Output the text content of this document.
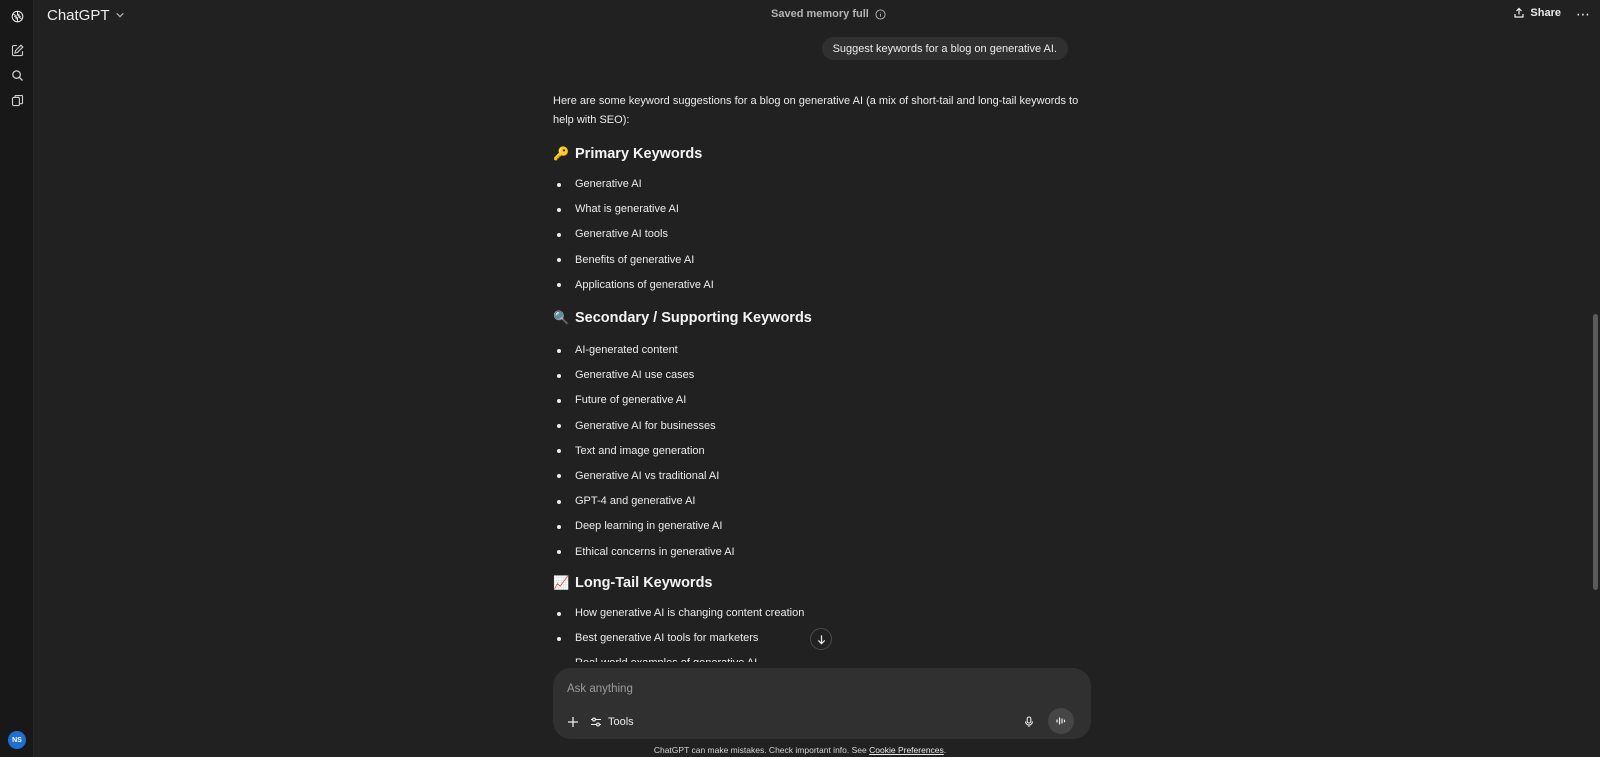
NS
ChatGPT	Saved memory full	Share ⋯
Suggest keywords for a blog on generative AI.

Here are some keyword suggestions for a blog on generative AI (a mix of short-tail and long-tail keywords to help with SEO):

🔑 Primary Keywords
Generative AI
What is generative AI
Generative AI tools
Benefits of generative AI
Applications of generative AI
🔍 Secondary / Supporting Keywords
AI-generated content
Generative AI use cases
Future of generative AI
Generative AI for businesses
Text and image generation
Generative AI vs traditional AI
GPT-4 and generative AI
Deep learning in generative AI
Ethical concerns in generative AI
📈 Long-Tail Keywords
How generative AI is changing content creation
Best generative AI tools for marketers
Ask anything
Tools
ChatGPT can make mistakes. Check important info. See Cookie Preferences.
